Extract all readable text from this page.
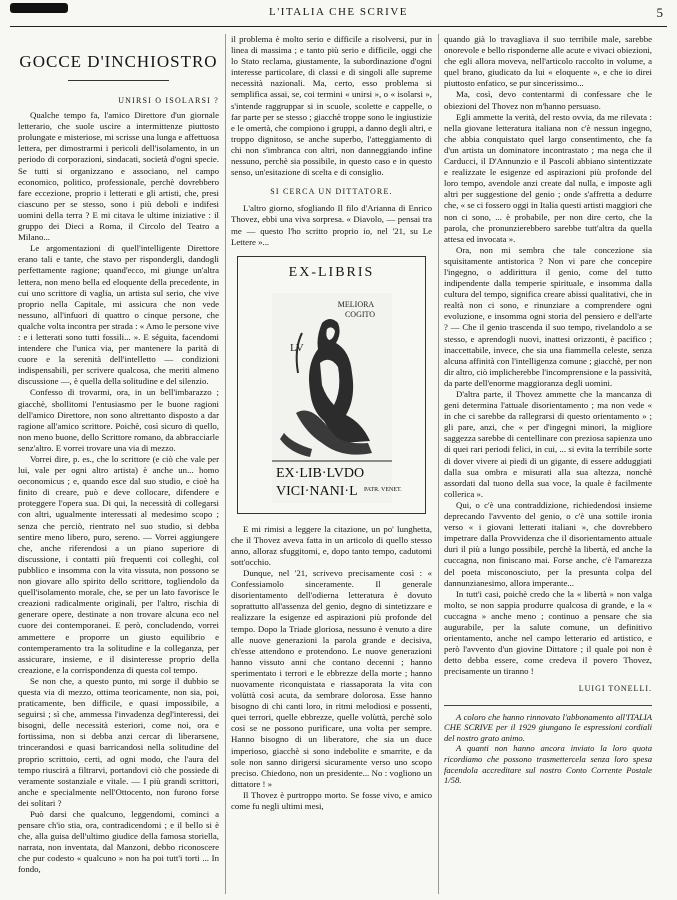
L'ITALIA CHE SCRIVE	5
GOCCE D'INCHIOSTRO
UNIRSI O ISOLARSI ?

Qualche tempo fa, l'amico Direttore d'un giornale letterario, che suole uscire a intermittenze piuttosto prolungate e misteriose, mi scrisse una lunga e affettuosa lettera, per dimostrarmi i pericoli dell'isolamento, in un periodo di corporazioni, sindacati, società d'ogni specie. Se tutti si organizzano e associano, nel campo economico, politico, professionale, perchè dovrebbero fare eccezione, proprio i letterati e gli artisti, che, presi ciascuno per se stesso, sono i più deboli e indifesi uomini della terra ? E mi citava le ultime iniziative : il gruppo dei Dieci a Roma, il Circolo del Teatro a Milano...

Le argomentazioni di quell'intelligente Direttore erano tali e tante, che stavo per rispondergli, dandogli perfettamente ragione; quand'ecco, mi giunge un'altra lettera, non meno bella ed eloquente della precedente, in cui uno scrittore di vaglia, un artista sul serio, che vive proprio nella Capitale, mi assicura che non vede nessuno, all'infuori di quattro o cinque persone, che qualche volta incontra per strada : « Amo le persone vive : e i letterati sono tutti fossili... ». E séguita, facendomi intendere che l'unica via, per mantenere la parità di cuore e la serenità dell'intelletto — condizioni indispensabili, per scrivere qualcosa, che meriti almeno discussione —, è quella della solitudine e del silenzio.

Confesso di trovarmi, ora, in un bell'imbarazzo ; giacchè, sbollitomi l'entusiasmo per le buone ragioni dell'amico Direttore, non sono altrettanto disposto a dar ragione all'amico scrittore. Poichè, così sicuro di quello, non meno buone, dello Scrittore romano, da abbracciarle senz'altro. E vorrei trovare una via di mezzo.

Vorrei dire, p. es., che lo scrittore (e ciò che vale per lui, vale per ogni altro artista) è anche un... homo oeconomicus ; e, quando esce dal suo studio, e cioè ha finito di creare, può e deve collocare, difendere e proteggere l'opera sua. Di qui, la necessità di collegarsi con altri, ugualmente interessati al medesimo scopo ; senza che perciò, rientrato nel suo studio, si debba sentire meno libero, puro, sereno. — Vorrei aggiungere che, anche riferendosi a un piano superiore di discussione, i contatti più frequenti coi colleghi, col pubblico e insomma con la vita vissuta, non possono se non giovare allo spirito dello scrittore, togliendolo da quell'isolamento morale, che, se per un lato favorisce le creazioni radicalmente originali, per l'altro, rischia di generare opere, destinate a non trovare alcuna eco nel cuore dei contemporanei. E però, concludendo, vorrei ammettere e proporre un giusto equilibrio e contemperamento tra la solitudine e la colleganza, per assicurare, insieme, e il disinteresse proprio della creazione, e la corrispondenza di questa col tempo.

Se non che, a questo punto, mi sorge il dubbio se questa via di mezzo, ottima teoricamente, non sia, poi, praticamente, ben difficile, e quasi impossibile, a seguirsi ; sì che, ammessa l'invadenza degl'interessi, dei bisogni, delle necessità esteriori, come noi, ora e fortissima, non si debba anzi cercar di liberarsene, trincerandosi e quasi barricandosi nella solitudine del proprio scrittoio, certi, ad ogni modo, che l'aura del tempo riuscirà a filtrarvi, portandovi ciò che possiede di veramente sostanziale e vitale. — I più grandi scrittori, anche e specialmente nell'Ottocento, non furono forse dei solitari ?

Può darsi che qualcuno, leggendomi, cominci a pensare ch'io stia, ora, contradicendomi ; e il bello si è che, alla guisa dell'ultimo giudice della famosa storiella, narrata, non inventata, dal Manzoni, debbo riconoscere che pur codesto « qualcuno » non ha poi tutt'i torti ... In fondo,

il problema è molto serio e difficile a risolversi, pur in linea di massima ; e tanto più serio e difficile, oggi che lo Stato reclama, giustamente, la subordinazione d'ogni interesse particolare, di classi e di singoli alle supreme necessità nazionali. Ma, certo, esso problema si semplifica assai, se, coi termini « unirsi », o « isolarsi », s'intende raggruppar si in scuole, scolette e cappelle, o far parte per se stesso ; giacchè troppe sono le ingiustizie e le omertà, che compiono i gruppi, a danno degli altri, e troppo dignitoso, se anche superbo, l'atteggiamento di chi non s'imbranca con altri, non danneggiando infine nessuno, perchè sia possibile, in questo caso e in questo senso, un'esitazione di scelta e di consiglio.

SI CERCA UN DITTATORE.

L'altro giorno, sfogliando Il filo d'Arianna di Enrico Thovez, ebbi una viva sorpresa. « Diavolo, — pensai tra me — questo l'ho scritto proprio io, nel '21, su Le Lettere »...

EX-LIBRIS
MELIORA
COGITO
LV
EX·LIB·LVDO
VICI·NANI·L PATR. VENET.

E mi rimisi a leggere la citazione, un po' lunghetta, che il Thovez aveva fatta in un articolo di quello stesso anno, alloraz sfuggitomi, e, dopo tanto tempo, cadutomi sott'occhio.

Dunque, nel '21, scrivevo precisamente così : « Confessiamolo sinceramente. Il generale disorientamento dell'odierna letteratura è dovuto soprattutto all'assenza del genio, degno di sintetizzare e realizzare la esigenze ed aspirazioni più profonde del tempo. Dopo la Triade gloriosa, nessuno è venuto a dire alle nuove generazioni la parola grande e decisiva, ch'esse attendono e protendono. Le nuove generazioni hanno vissuto anni che contano decenni ; hanno sperimentato i terrori e le ebbrezze della morte ; hanno nuovamente riconquistata e riassaporata la vita con volùttà così acuta, da sembrare dolorosa. Esse hanno bisogno di chi canti loro, in ritmi melodiosi e possenti, quei terrori, quelle ebbrezze, quelle volùttà, perchè solo così se ne possono purificare, una volta per sempre. Hanno bisogno di un liberatore, che sia un duce imperioso, giacchè si sono indebolite e smarrite, e da sole non sanno dirigersi sicuramente verso uno scopo preciso. Chiedono, non un presidente... No : vogliono un dittatore ! »

Il Thovez è purtroppo morto. Se fosse vivo, e amico come fu negli ultimi mesi,

quando già lo travagliava il suo terribile male, sarebbe onorevole e bello risponderne alle acute e vivaci obiezioni, che egli allora moveva, nell'articolo raccolto in volume, a quel brano, giudicato da lui « eloquente », e che io direi piuttosto enfatico, se pur sincerissimo...

Ma, così, devo contentarmi di confessare che le obiezioni del Thovez non m'hanno persuaso.

Egli ammette la verità, del resto ovvia, da me rilevata : nella giovane letteratura italiana non c'è nessun ingegno, che abbia conquistato quel largo consentimento, che fa d'un artista un dominatore incontrastato ; ma nega che il Carducci, il D'Annunzio e il Pascoli abbiano sintentizzate e realizzate le esigenze ed aspirazioni più profonde del loro tempo, avendole anzi create dal nulla, e imposte agli altri per suggestione del genio ; onde s'affretta a dedurre che, « se ci fossero oggi in Italia questi artisti maggiori che non ci sono, ... è probabile, per non dire certo, che la parola, che pronunzierebbero sarebbe tutt'altra da quella attesa ed invocata ».

Ora, non mi sembra che tale concezione sia squisitamente antistorica ? Non vi pare che concepire l'ingegno, o addirittura il genio, come del tutto indipendente dalla temperie spirituale, e insomma dalla cultura del tempo, significa creare abissi qualitativi, che in realtà non ci sono, e rinunziare a comprendere ogni evoluzione, e insomma ogni storia del pensiero e dell'arte ? — Che il genio trascenda il suo tempo, rivelandolo a se stesso, e aprendogli nuovi, inattesi orizzonti, è pacifico ; inaccettabile, invece, che sia una fiammella celeste, senza alcuna affinità con l'intelligenza comune ; giacchè, per non dir altro, ciò implicherebbe l'incomprensione e la passività, da parte dell'enorme maggioranza degli uomini.

D'altra parte, il Thovez ammette che la mancanza di geni determina l'attuale disorientamento ; ma non vede « in che ci sarebbe da rallegrarsi di questo orientamento » ; gli pare, anzi, che « per d'ingegni minori, la migliore saggezza sarebbe di centellinare con preziosa sapienza uno di quei rari periodi felici, in cui, ... si evita la terribile sorte di dover vivere ai piedi di un gigante, di essere adduggiati dalla sua ombra e misurati alla sua altezza, nonchè assordati dal tuono della sua voce, la quale è facilmente collerica ».

Qui, o c'è una contraddizione, richiedendosi insieme deprecando l'avvento del genio, o c'è una sottile ironia verso « i giovani letterati italiani », che dovrebbero impetrare dalla Provvidenza che il disorientamento attuale duri il più a lungo possibile, perchè la libertà, ed anche la cuccagna, non finiscano mai. Forse anche, c'è l'amarezza del poeta misconosciuto, per la presunta colpa del dannunzianesimo, allora imperante...

In tutt'i casi, poichè credo che la « libertà » non valga molto, se non sappia produrre qualcosa di grande, e la « cuccagna » anche meno ; continuo a pensare che sia augurabile, per la salute comune, un definitivo orientamento, anche nel campo letterario ed artistico, e però l'avvento d'un giovine Dittatore ; il quale poi non è detto debba essere, come credeva il povero Thovez, precisamente un tiranno !

LUIGI TONELLI.

A coloro che hanno rinnovato l'abbonamento all'ITALIA CHE SCRIVE per il 1929 giungano le espressioni cordiali del nostro grato animo.

A quanti non hanno ancora inviato la loro quota ricordiamo che possono trasmettercela senza loro spesa facendola accreditare sul nostro Conto Corrente Postale 1/58.
